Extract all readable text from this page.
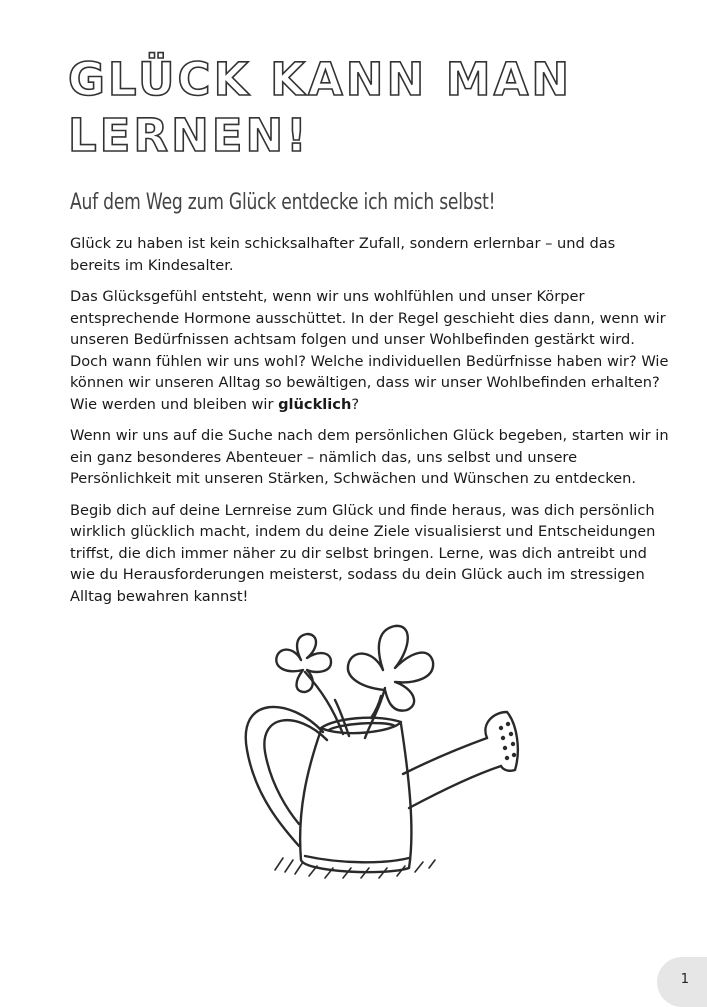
GLÜCK KANN MAN LERNEN!
Auf dem Weg zum Glück entdecke ich mich selbst!

Glück zu haben ist kein schicksalhafter Zufall, sondern erlernbar – und das bereits im Kindesalter.

Das Glücksgefühl entsteht, wenn wir uns wohlfühlen und unser Körper entsprechende Hormone ausschüttet. In der Regel geschieht dies dann, wenn wir unseren Bedürfnissen achtsam folgen und unser Wohlbefinden gestärkt wird. Doch wann fühlen wir uns wohl? Welche individuellen Bedürfnisse haben wir? Wie können wir unseren Alltag so bewältigen, dass wir unser Wohlbefinden erhalten? Wie werden und bleiben wir glücklich?

Wenn wir uns auf die Suche nach dem persönlichen Glück begeben, starten wir in ein ganz besonderes Abenteuer – nämlich das, uns selbst und unsere Persönlichkeit mit unseren Stärken, Schwächen und Wünschen zu entdecken.

Begib dich auf deine Lernreise zum Glück und finde heraus, was dich persönlich wirklich glücklich macht, indem du deine Ziele visualisierst und Entscheidungen triffst, die dich immer näher zu dir selbst bringen. Lerne, was dich antreibt und wie du Herausforderungen meisterst, sodass du dein Glück auch im stressigen Alltag bewahren kannst!

1
